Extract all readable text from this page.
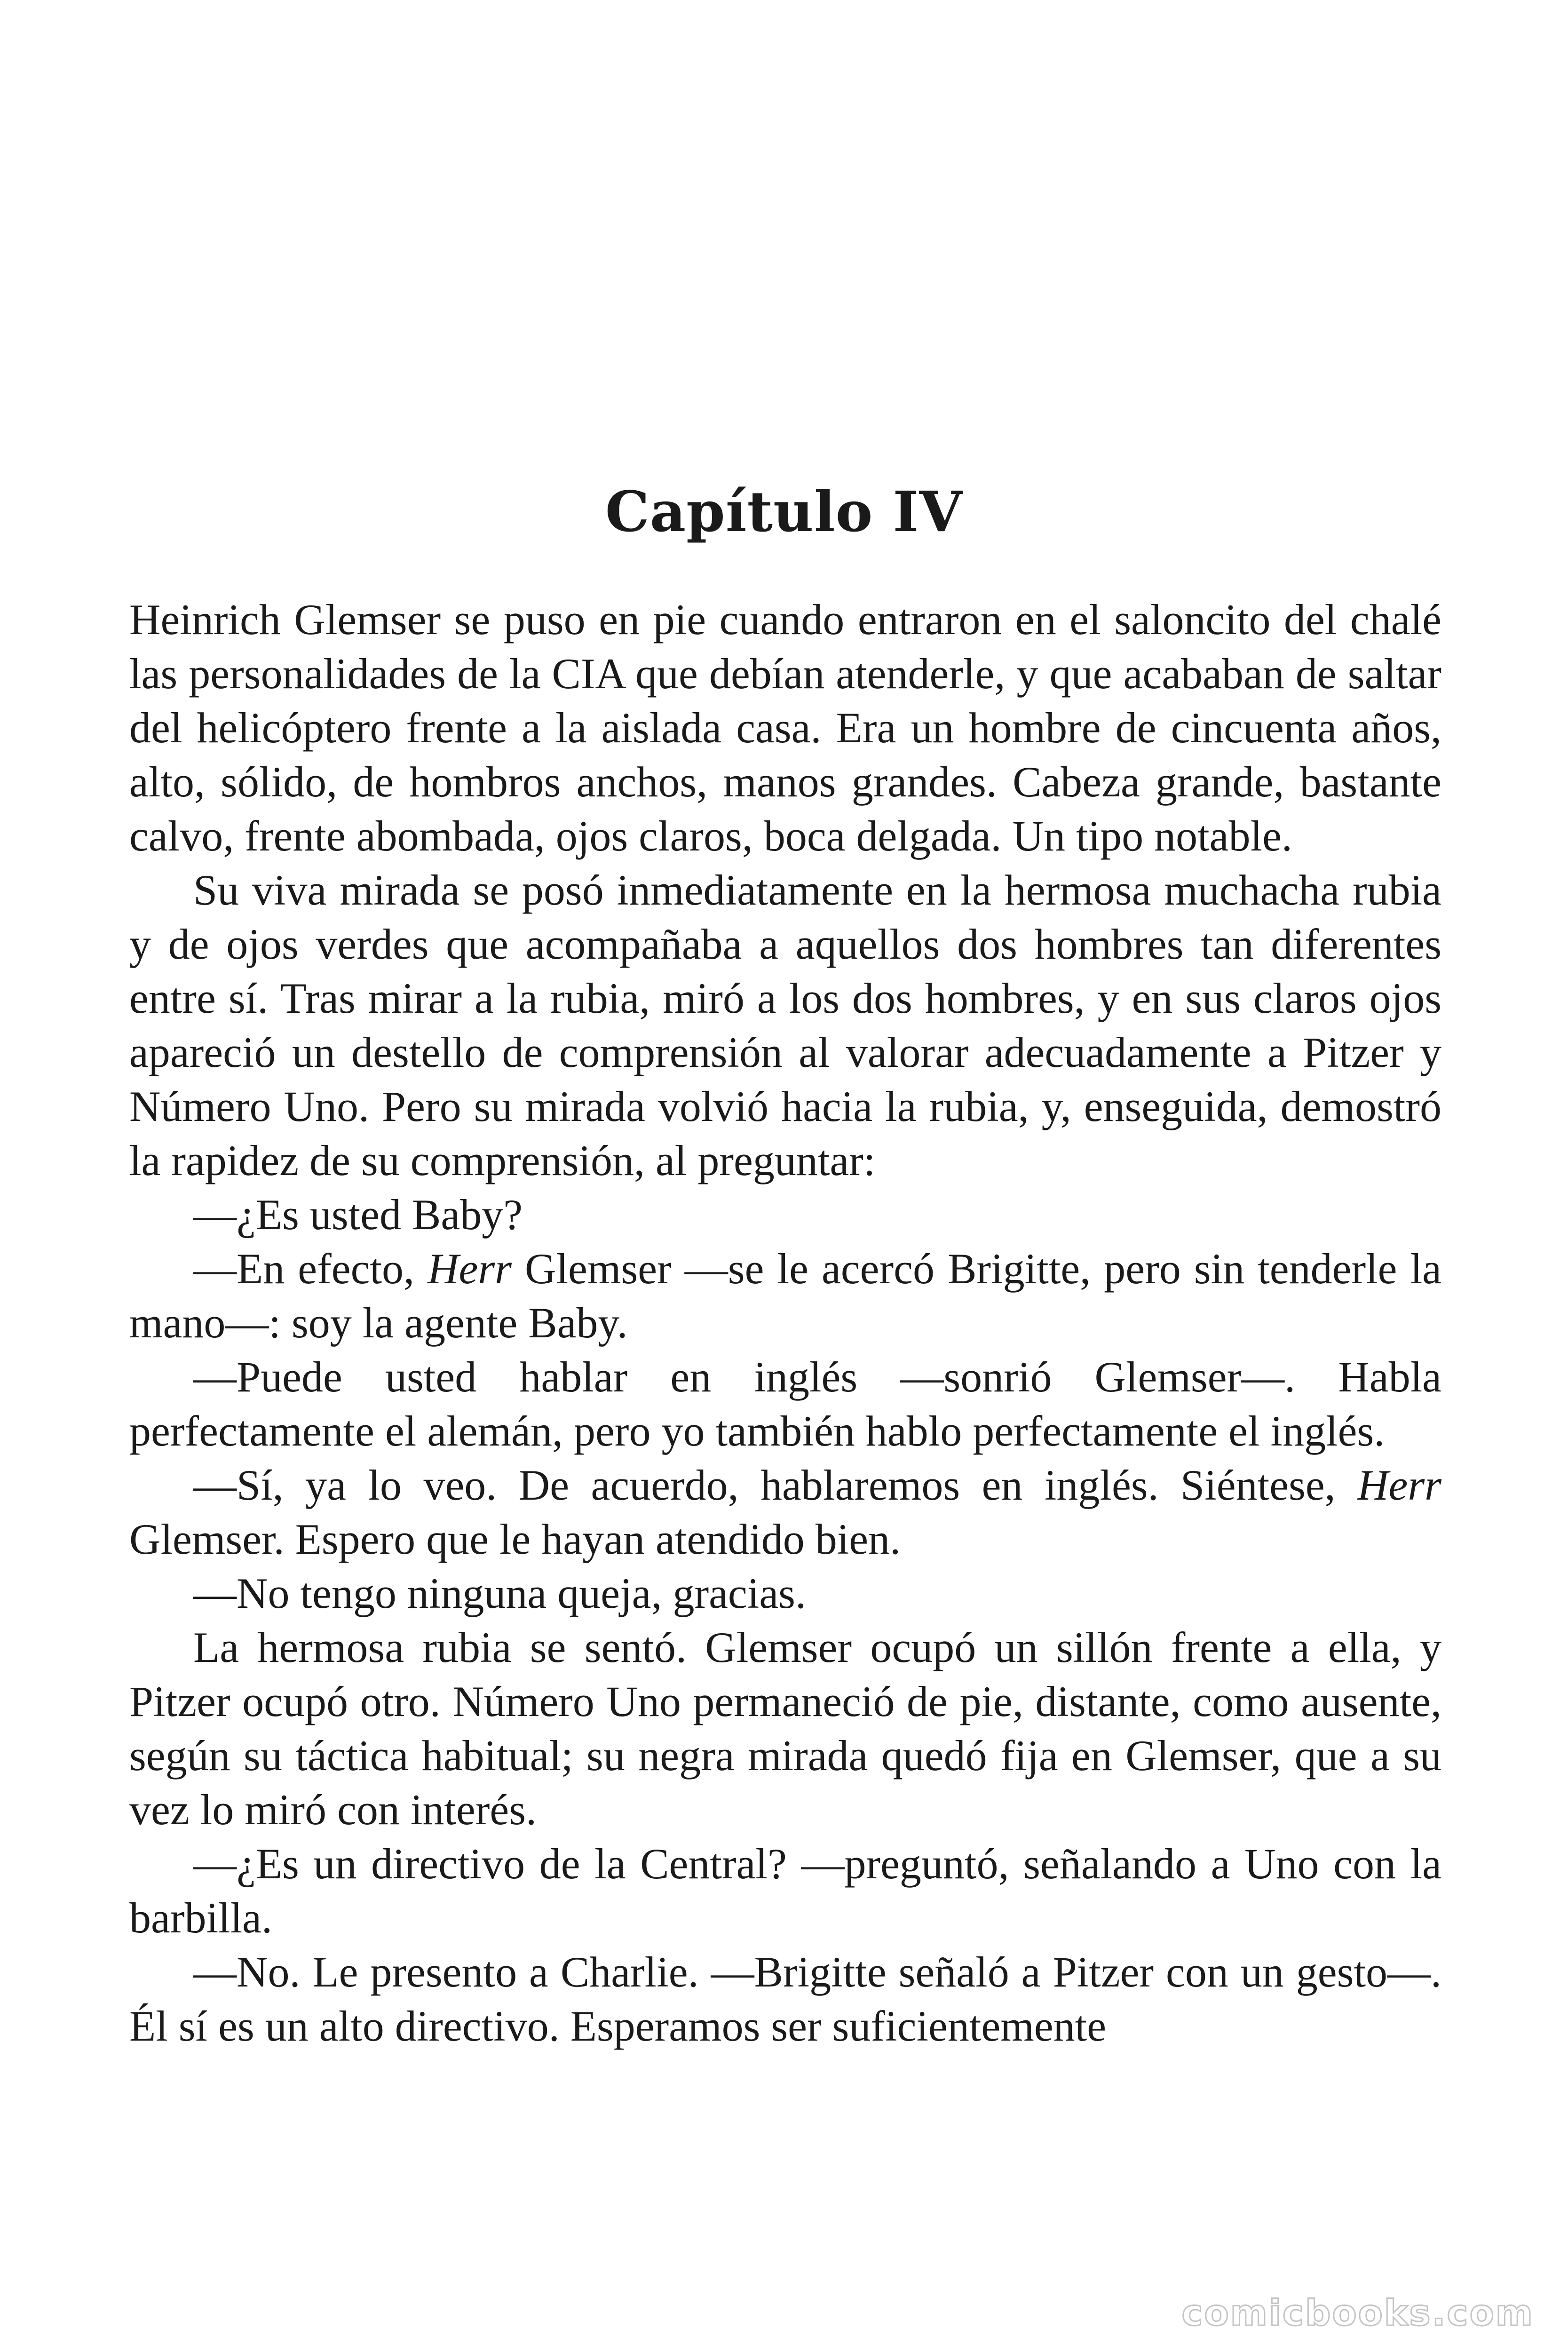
Capítulo IV

Heinrich Glemser se puso en pie cuando entraron en el saloncito del chalé las personalidades de la CIA que debían atenderle, y que acababan de saltar del helicóptero frente a la aislada casa. Era un hombre de cincuenta años, alto, sólido, de hombros anchos, manos grandes. Cabeza grande, bastante calvo, frente abombada, ojos claros, boca delgada. Un tipo notable.

Su viva mirada se posó inmediatamente en la hermosa muchacha rubia y de ojos verdes que acompañaba a aquellos dos hombres tan diferentes entre sí. Tras mirar a la rubia, miró a los dos hombres, y en sus claros ojos apareció un destello de comprensión al valorar adecuadamente a Pitzer y Número Uno. Pero su mirada volvió hacia la rubia, y, enseguida, demostró la rapidez de su comprensión, al preguntar:

—¿Es usted Baby?

—En efecto, Herr Glemser —se le acercó Brigitte, pero sin tenderle la mano—: soy la agente Baby.

—Puede usted hablar en inglés —sonrió Glemser—. Habla perfectamente el alemán, pero yo también hablo perfectamente el inglés.

—Sí, ya lo veo. De acuerdo, hablaremos en inglés. Siéntese, Herr Glemser. Espero que le hayan atendido bien.

—No tengo ninguna queja, gracias.

La hermosa rubia se sentó. Glemser ocupó un sillón frente a ella, y Pitzer ocupó otro. Número Uno permaneció de pie, distante, como ausente, según su táctica habitual; su negra mirada quedó fija en Glemser, que a su vez lo miró con interés.

—¿Es un directivo de la Central? —preguntó, señalando a Uno con la barbilla.

—No. Le presento a Charlie. —Brigitte señaló a Pitzer con un gesto—. Él sí es un alto directivo. Esperamos ser suficientemente

comicbooks.com
